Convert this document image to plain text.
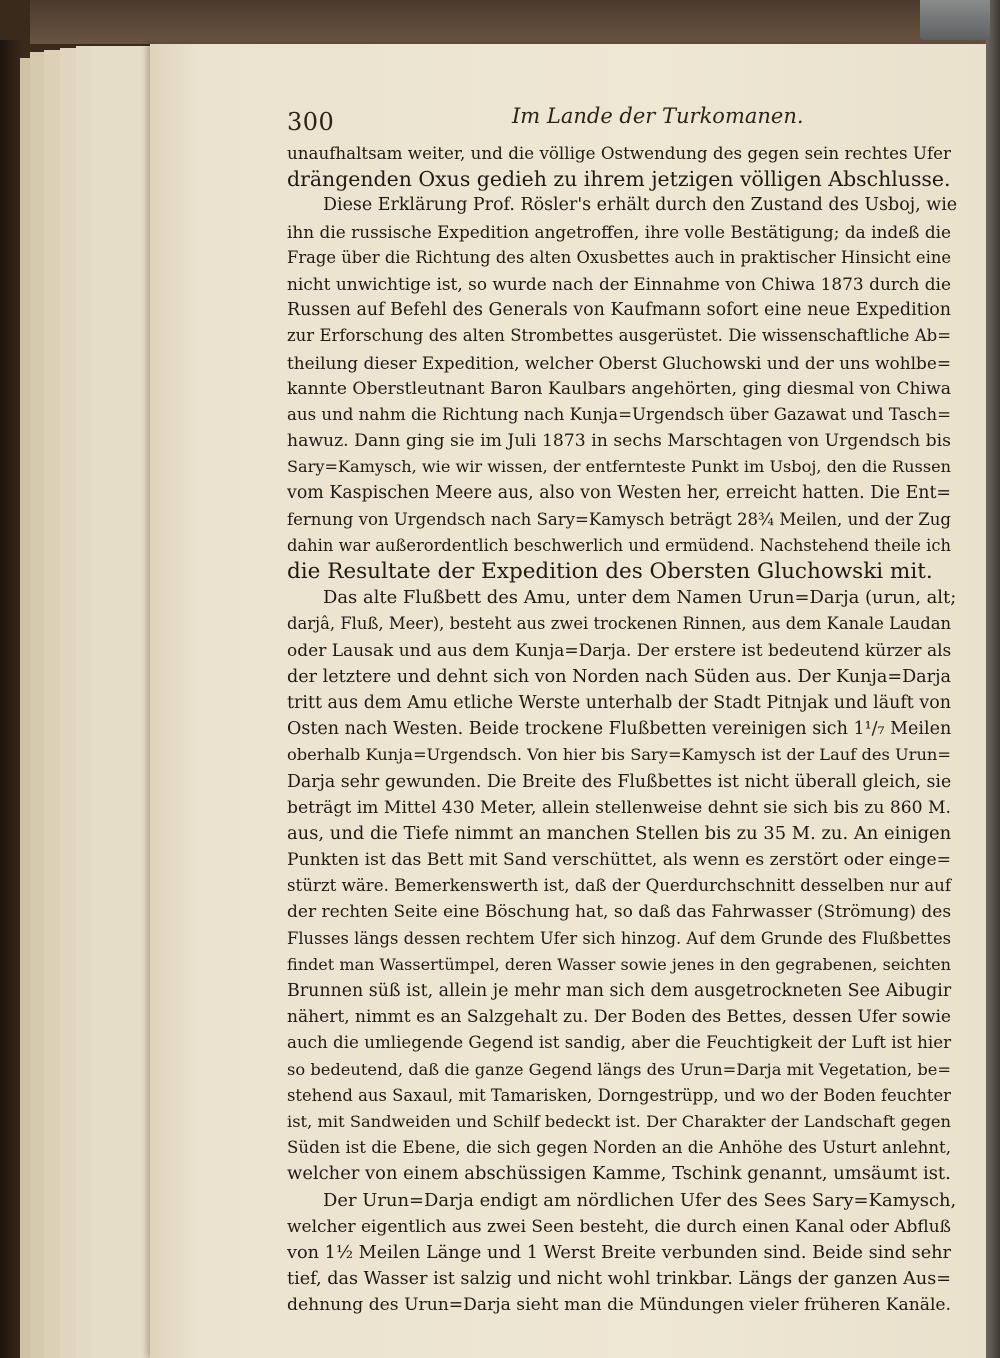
300	Im Lande der Turkomanen.
unaufhaltsam weiter, und die völlige Ostwendung des gegen sein rechtes Ufer
drängenden Oxus gedieh zu ihrem jetzigen völligen Abschlusse.
Diese Erklärung Prof. Rösler's erhält durch den Zustand des Usboj, wie
ihn die russische Expedition angetroffen, ihre volle Bestätigung; da indeß die
Frage über die Richtung des alten Oxusbettes auch in praktischer Hinsicht eine
nicht unwichtige ist, so wurde nach der Einnahme von Chiwa 1873 durch die
Russen auf Befehl des Generals von Kaufmann sofort eine neue Expedition
zur Erforschung des alten Strombettes ausgerüstet. Die wissenschaftliche Ab=
theilung dieser Expedition, welcher Oberst Gluchowski und der uns wohlbe=
kannte Oberstleutnant Baron Kaulbars angehörten, ging diesmal von Chiwa
aus und nahm die Richtung nach Kunja=Urgendsch über Gazawat und Tasch=
hawuz. Dann ging sie im Juli 1873 in sechs Marschtagen von Urgendsch bis
Sary=Kamysch, wie wir wissen, der entfernteste Punkt im Usboj, den die Russen
vom Kaspischen Meere aus, also von Westen her, erreicht hatten. Die Ent=
fernung von Urgendsch nach Sary=Kamysch beträgt 28¾ Meilen, und der Zug
dahin war außerordentlich beschwerlich und ermüdend. Nachstehend theile ich
die Resultate der Expedition des Obersten Gluchowski mit.
Das alte Flußbett des Amu, unter dem Namen Urun=Darja (urun, alt;
darjâ, Fluß, Meer), besteht aus zwei trockenen Rinnen, aus dem Kanale Laudan
oder Lausak und aus dem Kunja=Darja. Der erstere ist bedeutend kürzer als
der letztere und dehnt sich von Norden nach Süden aus. Der Kunja=Darja
tritt aus dem Amu etliche Werste unterhalb der Stadt Pitnjak und läuft von
Osten nach Westen. Beide trockene Flußbetten vereinigen sich 1¹/₇ Meilen
oberhalb Kunja=Urgendsch. Von hier bis Sary=Kamysch ist der Lauf des Urun=
Darja sehr gewunden. Die Breite des Flußbettes ist nicht überall gleich, sie
beträgt im Mittel 430 Meter, allein stellenweise dehnt sie sich bis zu 860 M.
aus, und die Tiefe nimmt an manchen Stellen bis zu 35 M. zu. An einigen
Punkten ist das Bett mit Sand verschüttet, als wenn es zerstört oder einge=
stürzt wäre. Bemerkenswerth ist, daß der Querdurchschnitt desselben nur auf
der rechten Seite eine Böschung hat, so daß das Fahrwasser (Strömung) des
Flusses längs dessen rechtem Ufer sich hinzog. Auf dem Grunde des Flußbettes
findet man Wassertümpel, deren Wasser sowie jenes in den gegrabenen, seichten
Brunnen süß ist, allein je mehr man sich dem ausgetrockneten See Aibugir
nähert, nimmt es an Salzgehalt zu. Der Boden des Bettes, dessen Ufer sowie
auch die umliegende Gegend ist sandig, aber die Feuchtigkeit der Luft ist hier
so bedeutend, daß die ganze Gegend längs des Urun=Darja mit Vegetation, be=
stehend aus Saxaul, mit Tamarisken, Dorngestrüpp, und wo der Boden feuchter
ist, mit Sandweiden und Schilf bedeckt ist. Der Charakter der Landschaft gegen
Süden ist die Ebene, die sich gegen Norden an die Anhöhe des Usturt anlehnt,
welcher von einem abschüssigen Kamme, Tschink genannt, umsäumt ist.
Der Urun=Darja endigt am nördlichen Ufer des Sees Sary=Kamysch,
welcher eigentlich aus zwei Seen besteht, die durch einen Kanal oder Abfluß
von 1½ Meilen Länge und 1 Werst Breite verbunden sind. Beide sind sehr
tief, das Wasser ist salzig und nicht wohl trinkbar. Längs der ganzen Aus=
dehnung des Urun=Darja sieht man die Mündungen vieler früheren Kanäle.
